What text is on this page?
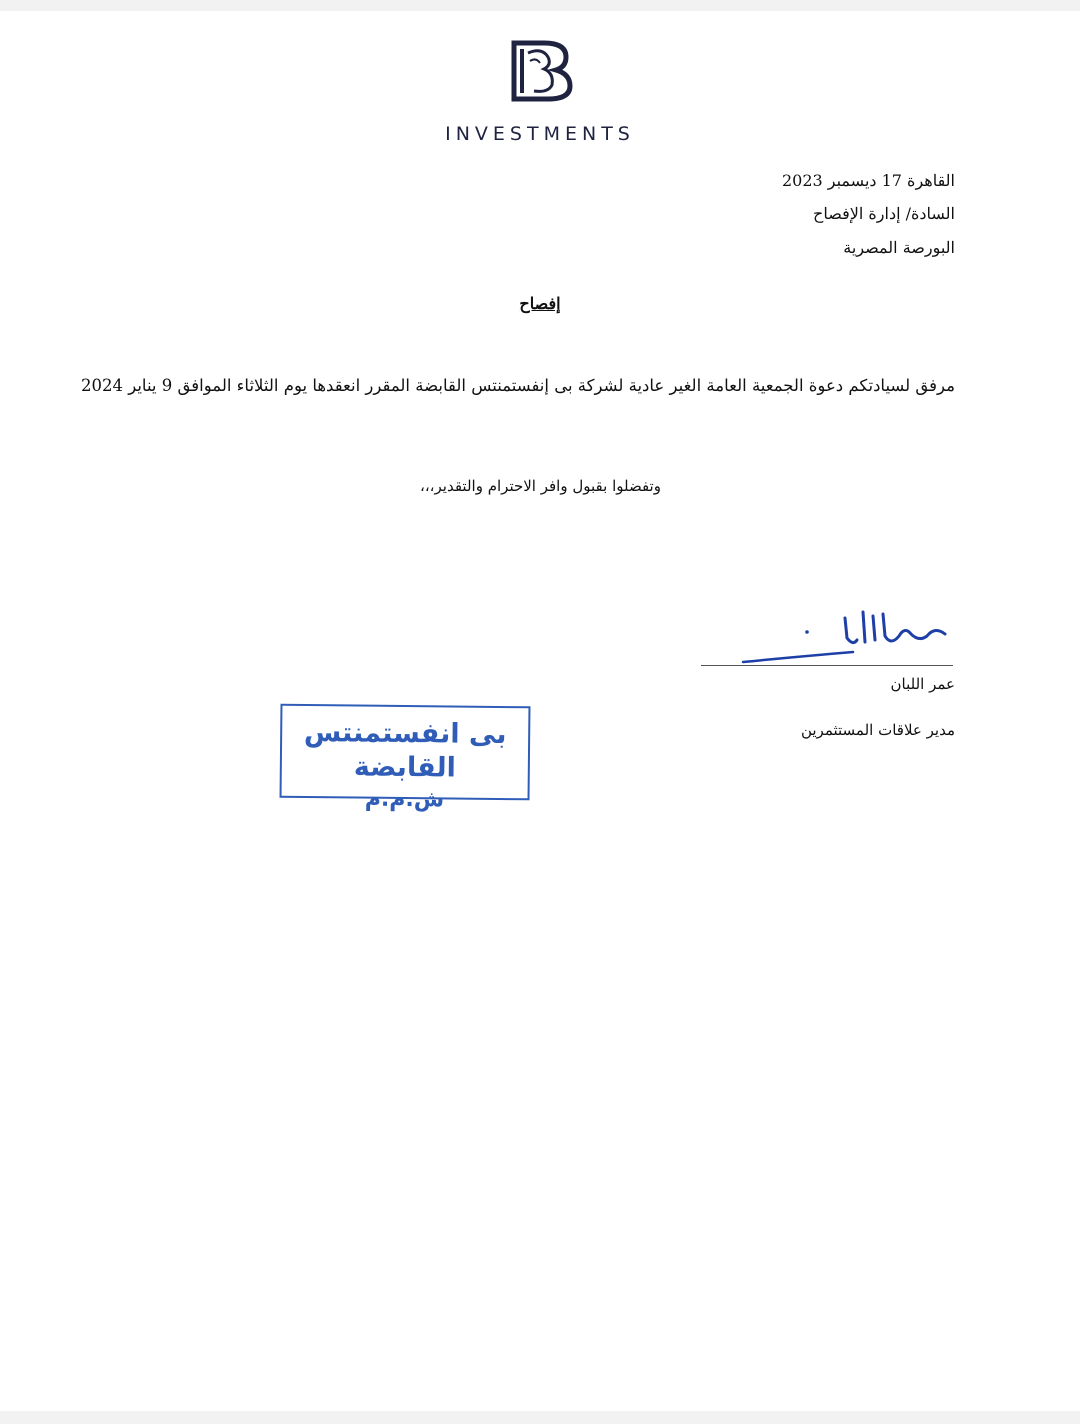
INVESTMENTS
القاهرة 17 ديسمبر 2023
السادة/ إدارة الإفصاح
البورصة المصرية
إفصاح
مرفق لسيادتكم دعوة الجمعية العامة الغير عادية لشركة بى إنفستمنتس القابضة المقرر انعقدها يوم الثلاثاء الموافق 9 يناير 2024
وتفضلوا بقبول وافر الاحترام والتقدير،،،
عمر اللبان
مدير علاقات المستثمرين
بى انفستمنتس القابضة
ش.م.م
